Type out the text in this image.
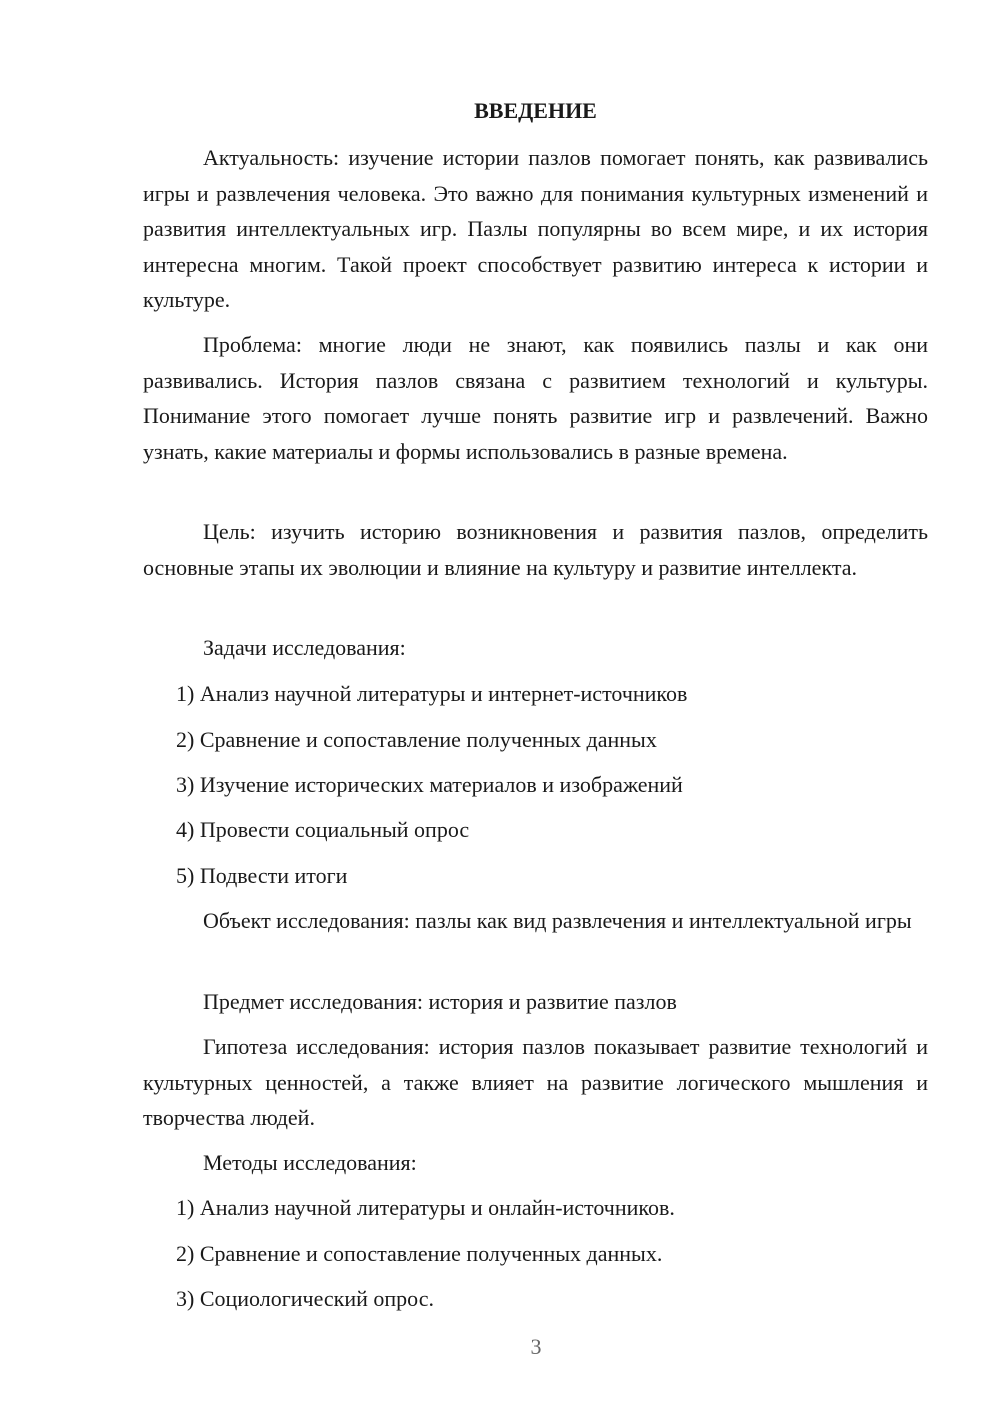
ВВЕДЕНИЕ

Актуальность: изучение истории пазлов помогает понять, как развивались игры и развлечения человека. Это важно для понимания культурных изменений и развития интеллектуальных игр. Пазлы популярны во всем мире, и их история интересна многим. Такой проект способствует развитию интереса к истории и культуре.

Проблема: многие люди не знают, как появились пазлы и как они развивались. История пазлов связана с развитием технологий и культуры. Понимание этого помогает лучше понять развитие игр и развлечений. Важно узнать, какие материалы и формы использовались в разные времена.

Цель: изучить историю возникновения и развития пазлов, определить основные этапы их эволюции и влияние на культуру и развитие интеллекта.

Задачи исследования:

1) Анализ научной литературы и интернет-источников

2) Сравнение и сопоставление полученных данных

3) Изучение исторических материалов и изображений

4) Провести социальный опрос

5) Подвести итоги

Объект исследования: пазлы как вид развлечения и интеллектуальной игры

Предмет исследования: история и развитие пазлов

Гипотеза исследования: история пазлов показывает развитие технологий и культурных ценностей, а также влияет на развитие логического мышления и творчества людей.

Методы исследования:

1) Анализ научной литературы и онлайн-источников.

2) Сравнение и сопоставление полученных данных.

3) Социологический опрос.

3
